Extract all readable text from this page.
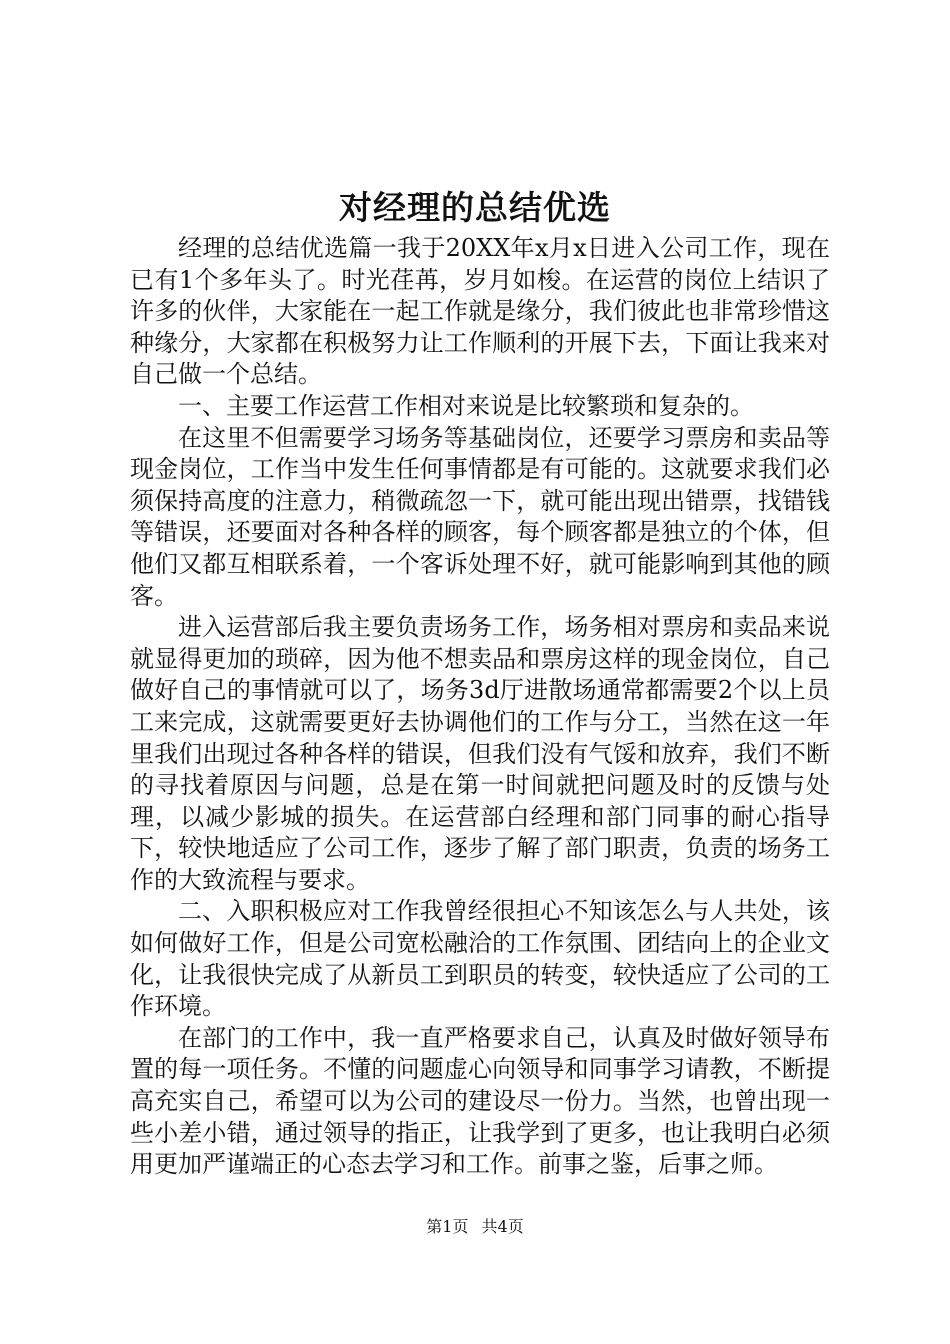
对经理的总结优选

经理的总结优选篇一我于20XX年x月x日进入公司工作，现在已有1个多年头了。时光荏苒，岁月如梭。在运营的岗位上结识了许多的伙伴，大家能在一起工作就是缘分，我们彼此也非常珍惜这种缘分，大家都在积极努力让工作顺利的开展下去，下面让我来对自己做一个总结。

一、主要工作运营工作相对来说是比较繁琐和复杂的。

在这里不但需要学习场务等基础岗位，还要学习票房和卖品等现金岗位，工作当中发生任何事情都是有可能的。这就要求我们必须保持高度的注意力，稍微疏忽一下，就可能出现出错票，找错钱等错误，还要面对各种各样的顾客，每个顾客都是独立的个体，但他们又都互相联系着，一个客诉处理不好，就可能影响到其他的顾客。

进入运营部后我主要负责场务工作，场务相对票房和卖品来说就显得更加的琐碎，因为他不想卖品和票房这样的现金岗位，自己做好自己的事情就可以了，场务3d厅进散场通常都需要2个以上员工来完成，这就需要更好去协调他们的工作与分工，当然在这一年里我们出现过各种各样的错误，但我们没有气馁和放弃，我们不断的寻找着原因与问题，总是在第一时间就把问题及时的反馈与处理，以减少影城的损失。在运营部白经理和部门同事的耐心指导下，较快地适应了公司工作，逐步了解了部门职责，负责的场务工作的大致流程与要求。

二、入职积极应对工作我曾经很担心不知该怎么与人共处，该如何做好工作，但是公司宽松融洽的工作氛围、团结向上的企业文化，让我很快完成了从新员工到职员的转变，较快适应了公司的工作环境。

在部门的工作中，我一直严格要求自己，认真及时做好领导布置的每一项任务。不懂的问题虚心向领导和同事学习请教，不断提高充实自己，希望可以为公司的建设尽一份力。当然，也曾出现一些小差小错，通过领导的指正，让我学到了更多，也让我明白必须用更加严谨端正的心态去学习和工作。前事之鉴，后事之师。

第1页 共4页
